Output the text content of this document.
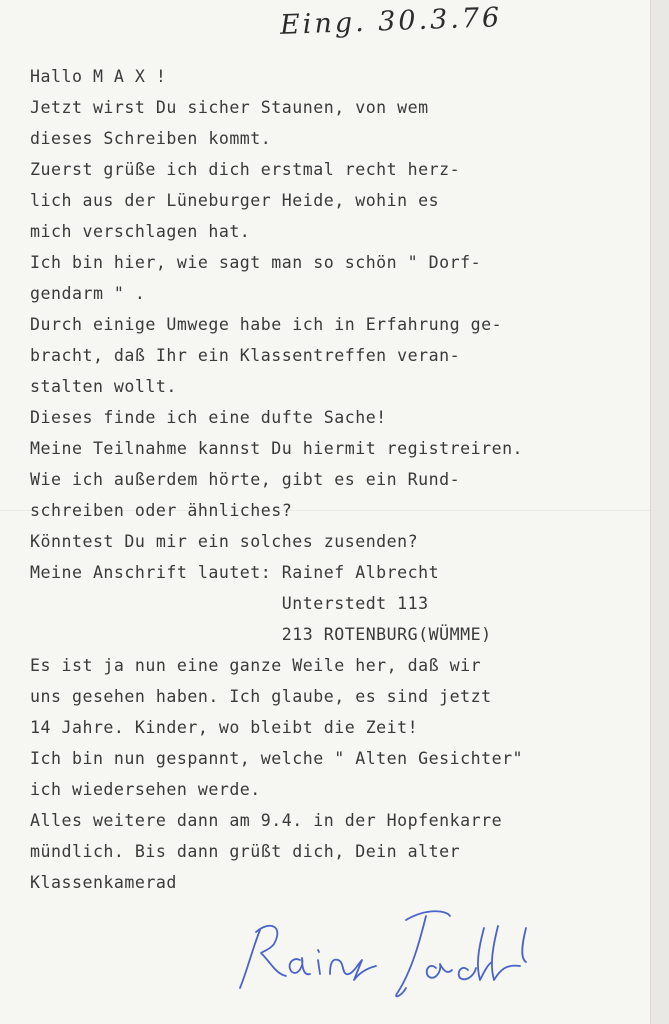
Eing. 30.3.76
Hallo M A X !
Jetzt wirst Du sicher Staunen, von wem
dieses Schreiben kommt.
Zuerst grüße ich dich erstmal recht herz-
lich aus der Lüneburger Heide, wohin es
mich verschlagen hat.
Ich bin hier, wie sagt man so schön " Dorf-
gendarm " .
Durch einige Umwege habe ich in Erfahrung ge-
bracht, daß Ihr ein Klassentreffen veran-
stalten wollt.
Dieses finde ich eine dufte Sache!
Meine Teilnahme kannst Du hiermit registreiren.
Wie ich außerdem hörte, gibt es ein Rund-
schreiben oder ähnliches?
Könntest Du mir ein solches zusenden?
Meine Anschrift lautet: Rainef Albrecht
Unterstedt 113
213 ROTENBURG(WÜMME)
Es ist ja nun eine ganze Weile her, daß wir
uns gesehen haben. Ich glaube, es sind jetzt
14 Jahre. Kinder, wo bleibt die Zeit!
Ich bin nun gespannt, welche " Alten Gesichter"
ich wiedersehen werde.
Alles weitere dann am 9.4. in der Hopfenkarre
mündlich. Bis dann grüßt dich, Dein alter
Klassenkamerad
